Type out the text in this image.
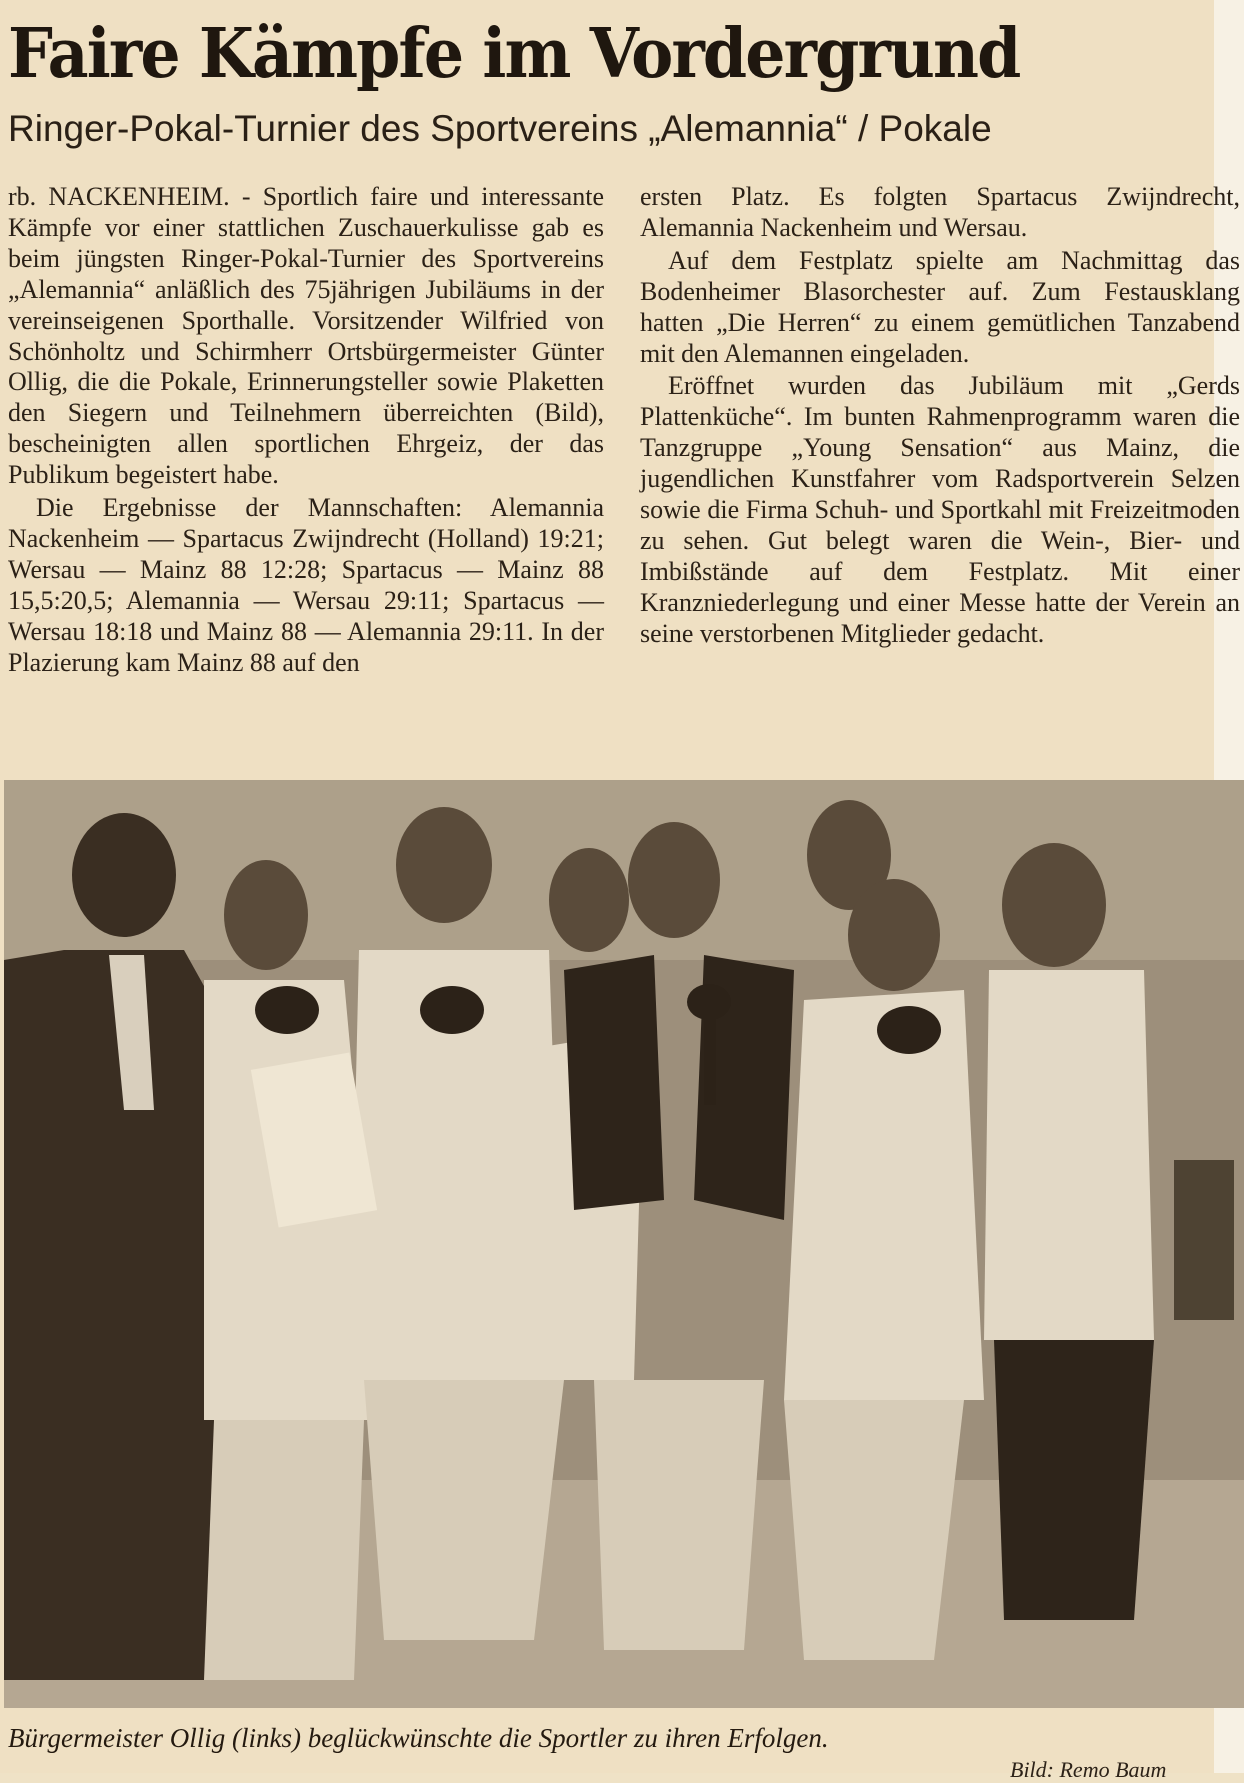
Faire Kämpfe im Vordergrund
Ringer-Pokal-Turnier des Sportvereins „Alemannia“ / Pokale

rb. NACKENHEIM. - Sportlich faire und interessante Kämpfe vor einer stattlichen Zuschauerkulisse gab es beim jüngsten Ringer-Pokal-Turnier des Sportvereins „Alemannia“ anläßlich des 75jährigen Jubiläums in der vereinseigenen Sporthalle. Vorsitzender Wilfried von Schönholtz und Schirmherr Ortsbürgermeister Günter Ollig, die die Pokale, Erinnerungsteller sowie Plaketten den Siegern und Teilnehmern überreichten (Bild), bescheinigten allen sportlichen Ehrgeiz, der das Publikum begeistert habe.

Die Ergebnisse der Mannschaften: Alemannia Nackenheim — Spartacus Zwijndrecht (Holland) 19:21; Wersau — Mainz 88 12:28; Spartacus — Mainz 88 15,5:20,5; Alemannia — Wersau 29:11; Spartacus — Wersau 18:18 und Mainz 88 — Alemannia 29:11. In der Plazierung kam Mainz 88 auf den

ersten Platz. Es folgten Spartacus Zwijndrecht, Alemannia Nackenheim und Wersau.

Auf dem Festplatz spielte am Nachmittag das Bodenheimer Blasorchester auf. Zum Festausklang hatten „Die Herren“ zu einem gemütlichen Tanzabend mit den Alemannen eingeladen.

Eröffnet wurden das Jubiläum mit „Gerds Plattenküche“. Im bunten Rahmenprogramm waren die Tanzgruppe „Young Sensation“ aus Mainz, die jugendlichen Kunstfahrer vom Radsportverein Selzen sowie die Firma Schuh- und Sportkahl mit Freizeitmoden zu sehen. Gut belegt waren die Wein-, Bier- und Imbißstände auf dem Festplatz. Mit einer Kranzniederlegung und einer Messe hatte der Verein an seine verstorbenen Mitglieder gedacht.

Bürgermeister Ollig (links) beglückwünschte die Sportler zu ihren Erfolgen.
Bild: Remo Baum
